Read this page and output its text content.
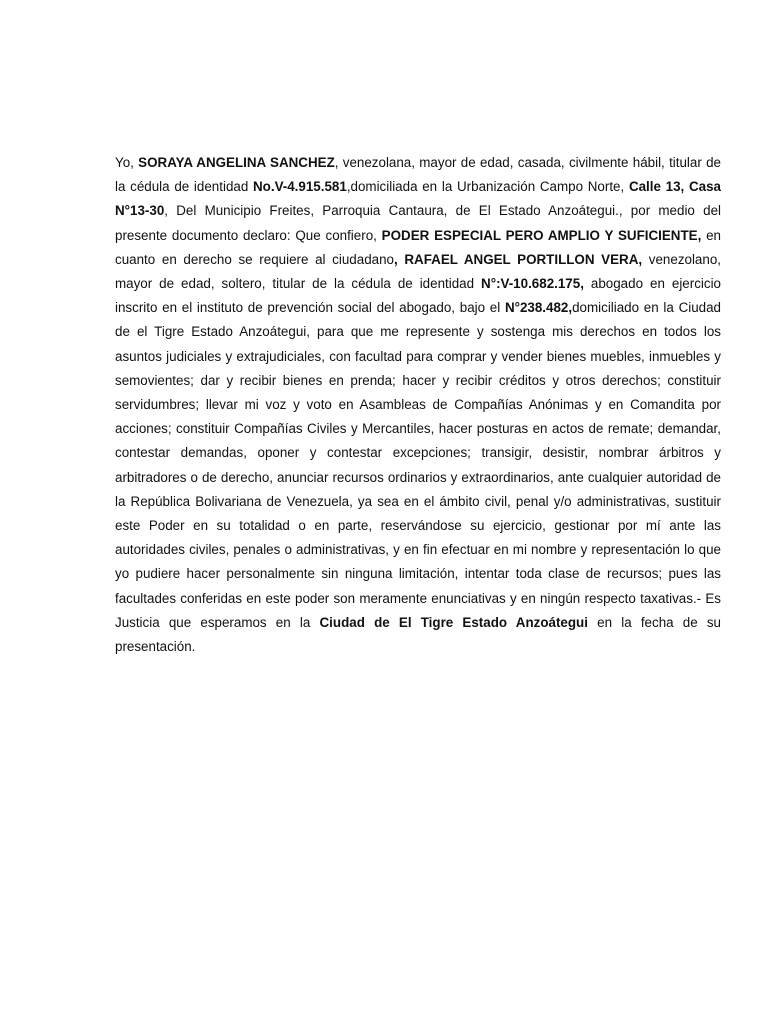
Yo, SORAYA ANGELINA SANCHEZ, venezolana, mayor de edad, casada, civilmente hábil, titular de la cédula de identidad No.V-4.915.581,domiciliada en la Urbanización Campo Norte, Calle 13, Casa N°13-30, Del Municipio Freites, Parroquia Cantaura, de El Estado Anzoátegui., por medio del presente documento declaro: Que confiero, PODER ESPECIAL PERO AMPLIO Y SUFICIENTE, en cuanto en derecho se requiere al ciudadano, RAFAEL ANGEL PORTILLON VERA, venezolano, mayor de edad, soltero, titular de la cédula de identidad N°:V-10.682.175, abogado en ejercicio inscrito en el instituto de prevención social del abogado, bajo el N°238.482,domiciliado en la Ciudad de el Tigre Estado Anzoátegui, para que me represente y sostenga mis derechos en todos los asuntos judiciales y extrajudiciales, con facultad para comprar y vender bienes muebles, inmuebles y semovientes; dar y recibir bienes en prenda; hacer y recibir créditos y otros derechos; constituir servidumbres; llevar mi voz y voto en Asambleas de Compañías Anónimas y en Comandita por acciones; constituir Compañías Civiles y Mercantiles, hacer posturas en actos de remate; demandar, contestar demandas, oponer y contestar excepciones; transigir, desistir, nombrar árbitros y arbitradores o de derecho, anunciar recursos ordinarios y extraordinarios, ante cualquier autoridad de la República Bolivariana de Venezuela, ya sea en el ámbito civil, penal y/o administrativas, sustituir este Poder en su totalidad o en parte, reservándose su ejercicio, gestionar por mí ante las autoridades civiles, penales o administrativas, y en fin efectuar en mi nombre y representación lo que yo pudiere hacer personalmente sin ninguna limitación, intentar toda clase de recursos; pues las facultades conferidas en este poder son meramente enunciativas y en ningún respecto taxativas.- Es Justicia que esperamos en la Ciudad de El Tigre Estado Anzoátegui en la fecha de su presentación.
